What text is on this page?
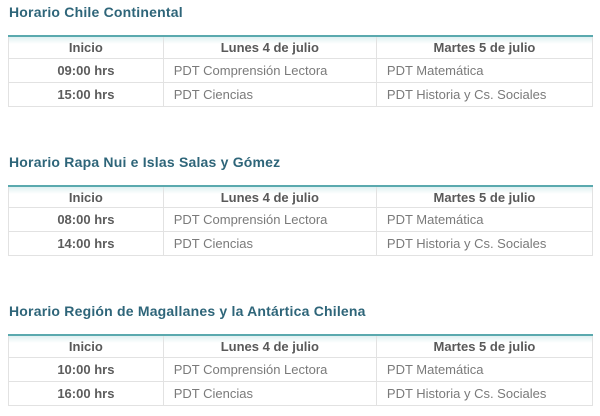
Horario Chile Continental
Inicio	Lunes 4 de julio	Martes 5 de julio
09:00 hrs	PDT Comprensión Lectora	PDT Matemática
15:00 hrs	PDT Ciencias	PDT Historia y Cs. Sociales
Horario Rapa Nui e Islas Salas y Gómez
Inicio	Lunes 4 de julio	Martes 5 de julio
08:00 hrs	PDT Comprensión Lectora	PDT Matemática
14:00 hrs	PDT Ciencias	PDT Historia y Cs. Sociales
Horario Región de Magallanes y la Antártica Chilena
Inicio	Lunes 4 de julio	Martes 5 de julio
10:00 hrs	PDT Comprensión Lectora	PDT Matemática
16:00 hrs	PDT Ciencias	PDT Historia y Cs. Sociales
